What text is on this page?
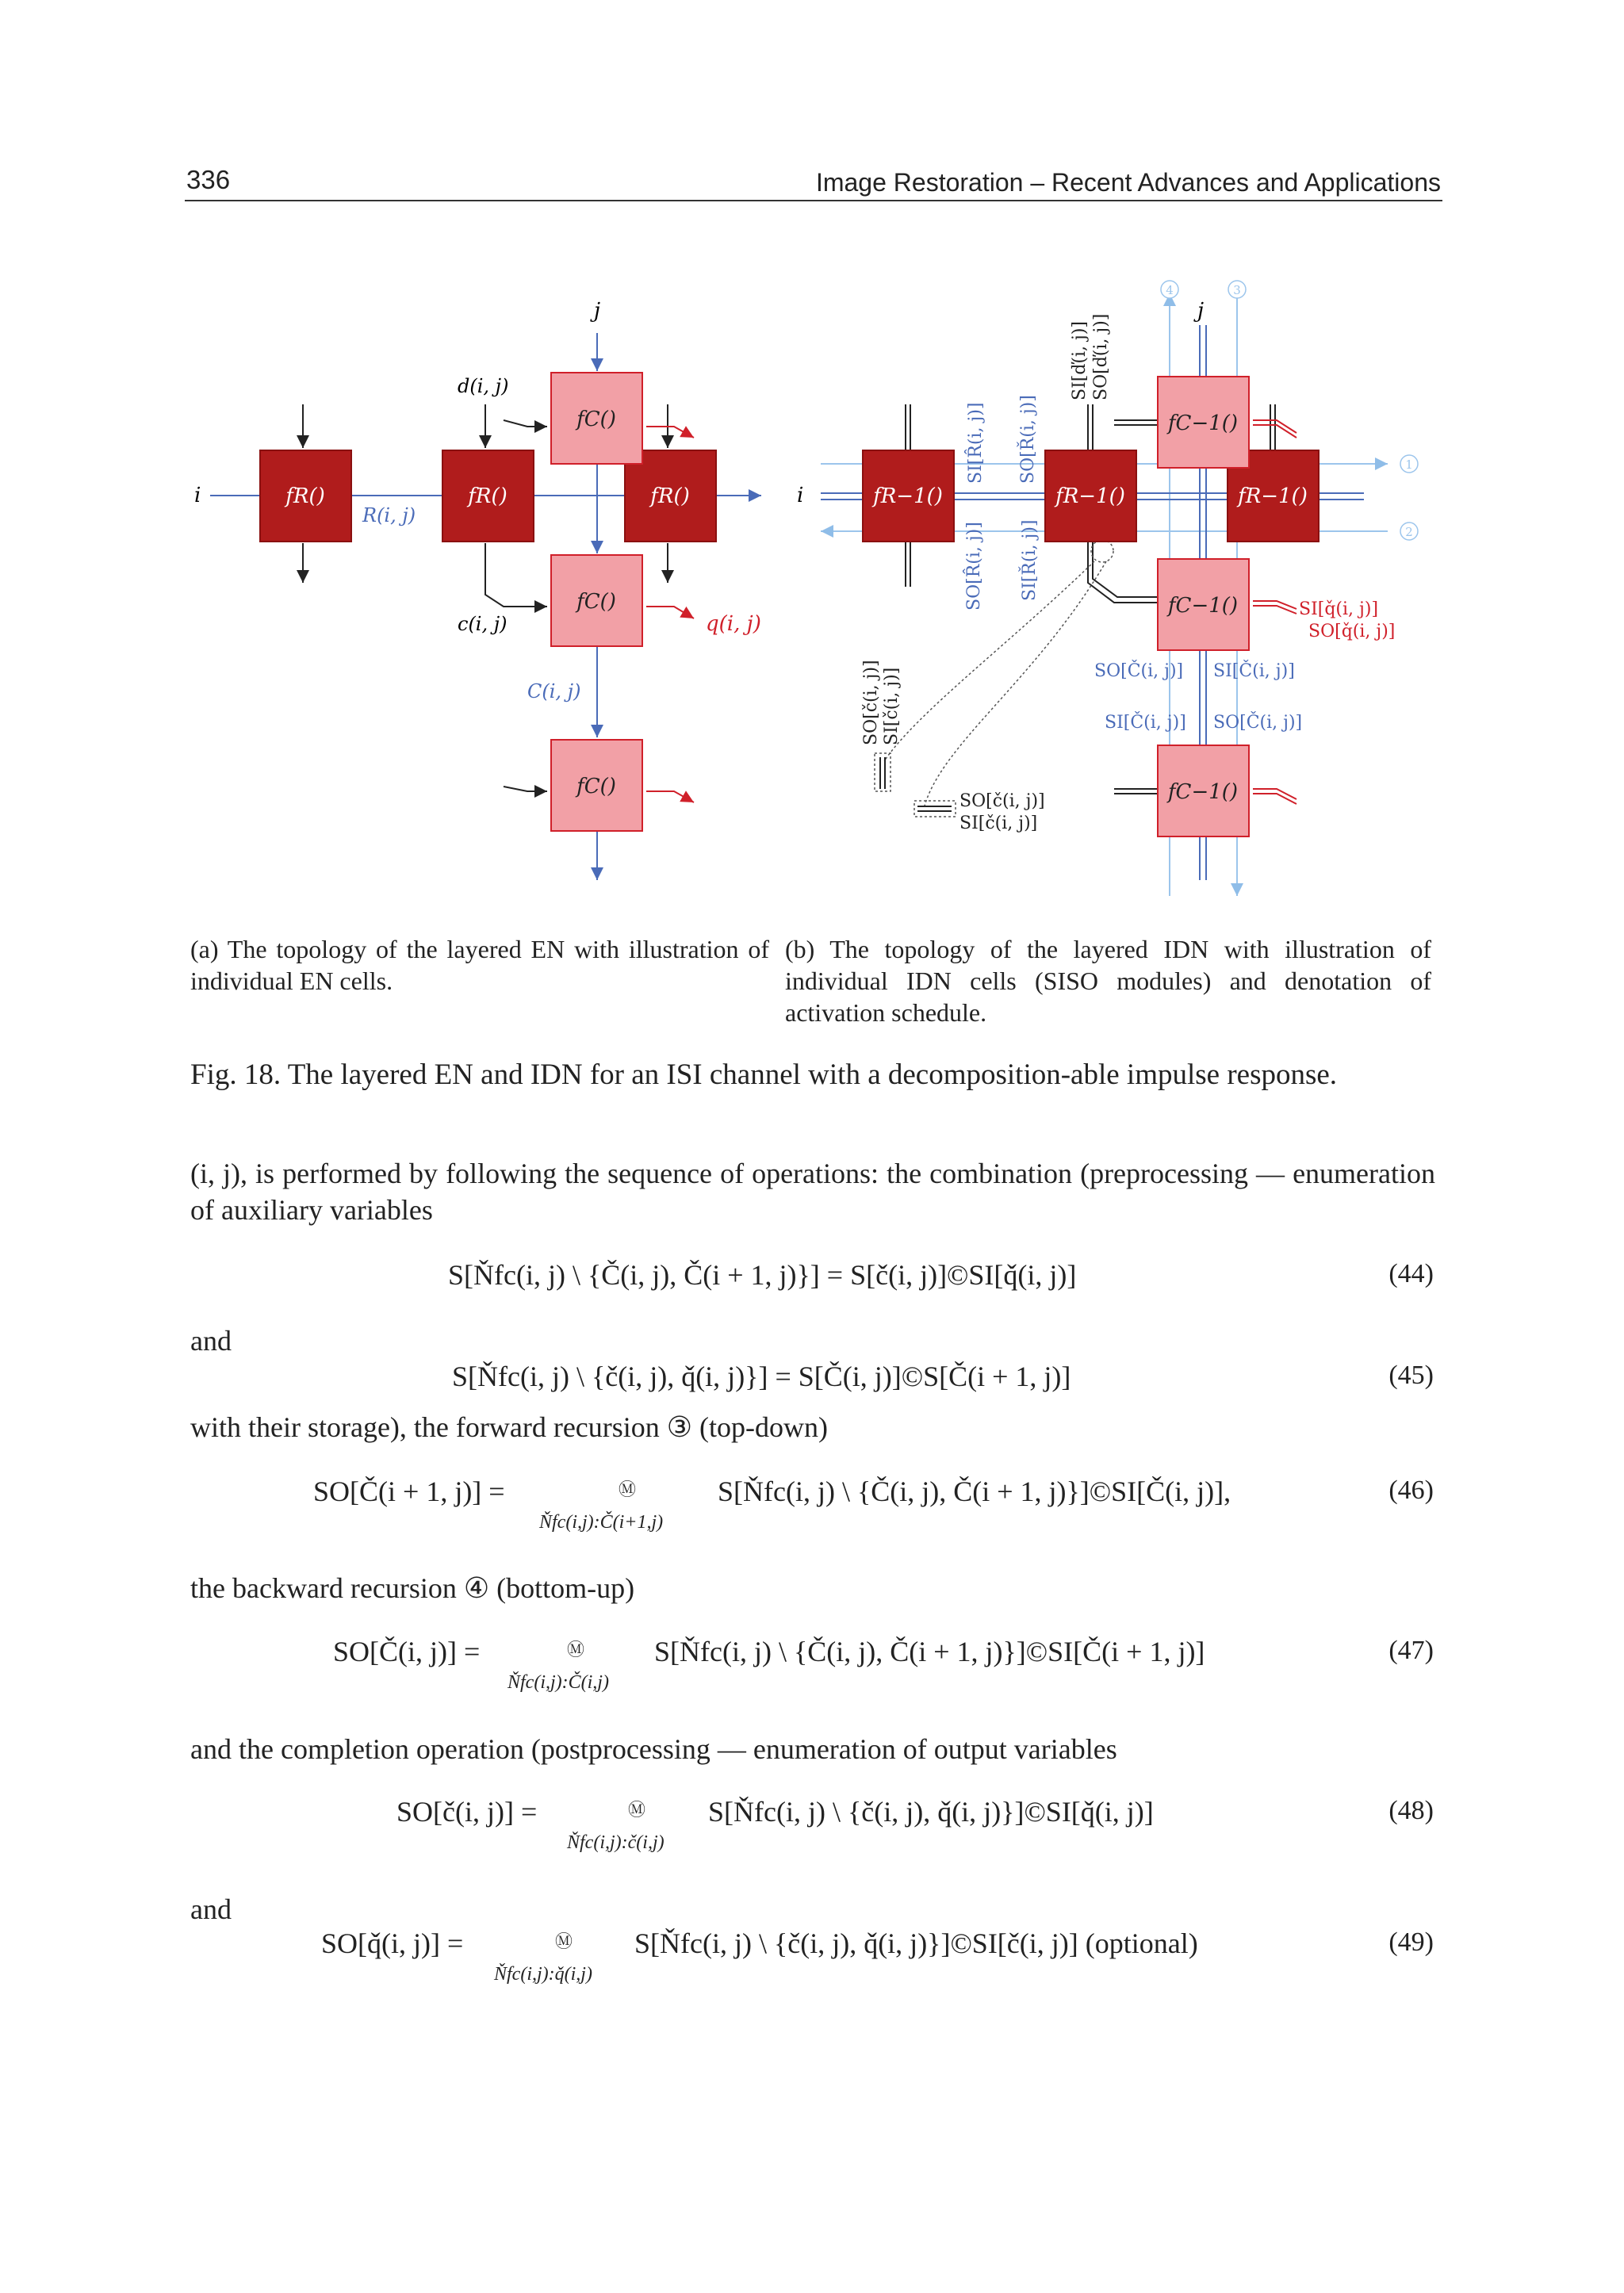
336	Image Restoration – Recent Advances and Applications
fR()	fR()	fR()
fC()
fC()
fC()
j
i
d(i, j)
c(i, j)
R(i, j)
C(i, j)
q(i, j)
4	3
1
2
fR−1()	fR−1()	fR−1()
fC−1()
fC−1()
fC−1()
j
i
SO[R̂(i, j)]
SI[R̂(i, j)] SO[Ř(i, j)]
SI[Ř(i, j)]
SI[ď(i, j)] SO[ď(i, j)]
SO[č(i, j)] SI[č(i, j)]
SI[q̌(i, j)]
SO[q̌(i, j)]
SO[Č(i, j)] SI[Č(i, j)]
SI[Č(i, j)] SO[Č(i, j)]
SO[č(i, j)]
SI[č(i, j)]
(a) The topology of the layered EN with illustration of individual EN cells.
(b) The topology of the layered IDN with illustration of individual IDN cells (SISO modules) and denotation of activation schedule.
Fig. 18. The layered EN and IDN for an ISI channel with a decomposition-able impulse response.
(i, j), is performed by following the sequence of operations: the combination (preprocessing — enumeration of auxiliary variables
S[Ňfc(i, j) \ {Č(i, j), Č(i + 1, j)}] = S[č(i, j)]©SI[q̌(i, j)]	(44)
and
S[Ňfc(i, j) \ {č(i, j), q̌(i, j)}] = S[Č(i, j)]©S[Č(i + 1, j)]	(45)
with their storage), the forward recursion ③ (top-down)
SO[Č(i + 1, j)] =	Ⓜ
Ňfc(i,j):Č(i+1,j)
S[Ňfc(i, j) \ {Č(i, j), Č(i + 1, j)}]©SI[Č(i, j)],	(46)
the backward recursion ④ (bottom-up)
SO[Č(i, j)] =	Ⓜ
Ňfc(i,j):Č(i,j)
S[Ňfc(i, j) \ {Č(i, j), Č(i + 1, j)}]©SI[Č(i + 1, j)]	(47)
and the completion operation (postprocessing — enumeration of output variables
SO[č(i, j)] =	Ⓜ
Ňfc(i,j):č(i,j)
S[Ňfc(i, j) \ {č(i, j), q̌(i, j)}]©SI[q̌(i, j)]	(48)
and
SO[q̌(i, j)] =	Ⓜ
Ňfc(i,j):q̌(i,j)
S[Ňfc(i, j) \ {č(i, j), q̌(i, j)}]©SI[č(i, j)] (optional)	(49)
